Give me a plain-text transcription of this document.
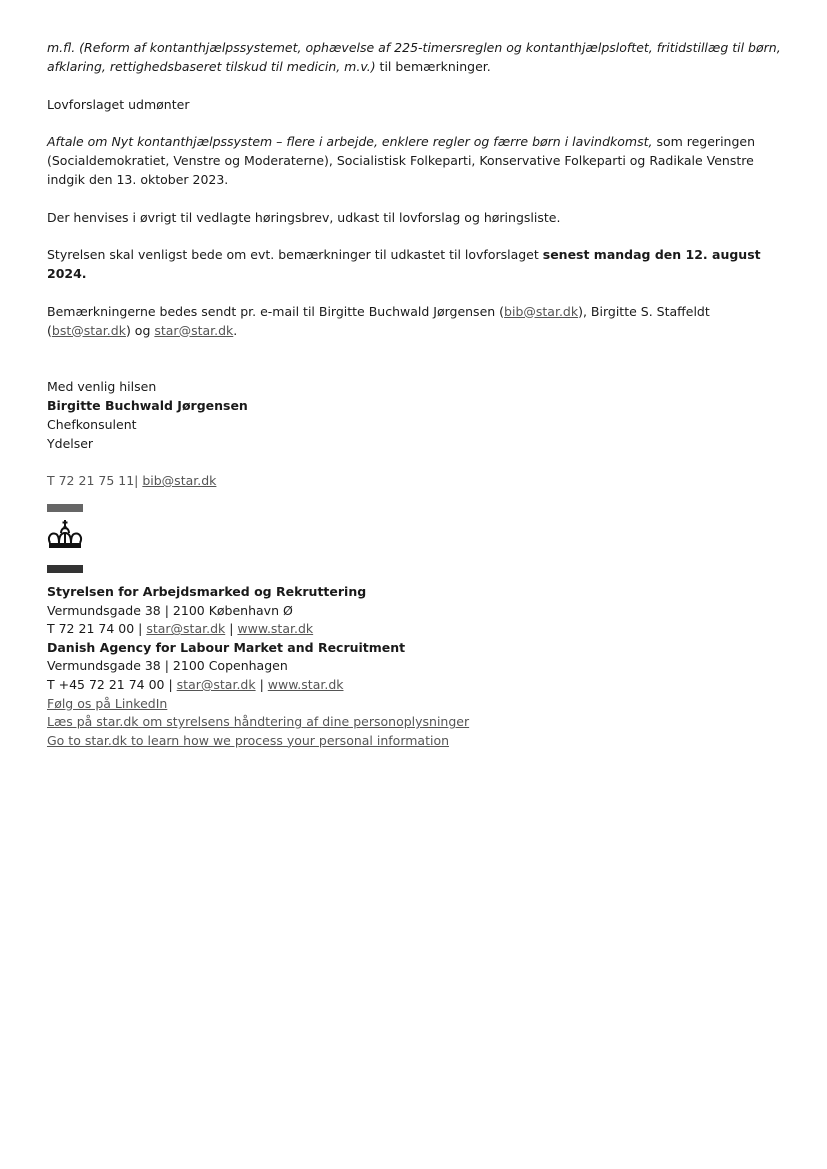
m.fl. (Reform af kontanthjælpssystemet, ophævelse af 225-timersreglen og kontanthjælpsloftet, fritidstillæg til børn, afklaring, rettighedsbaseret tilskud til medicin, m.v.) til bemærkninger.

Lovforslaget udmønter

Aftale om Nyt kontanthjælpssystem – flere i arbejde, enklere regler og færre børn i lavindkomst, som regeringen (Socialdemokratiet, Venstre og Moderaterne), Socialistisk Folkeparti, Konservative Folkeparti og Radikale Venstre indgik den 13. oktober 2023.

Der henvises i øvrigt til vedlagte høringsbrev, udkast til lovforslag og høringsliste.

Styrelsen skal venligst bede om evt. bemærkninger til udkastet til lovforslaget senest mandag den 12. august 2024.

Bemærkningerne bedes sendt pr. e-mail til Birgitte Buchwald Jørgensen (bib@star.dk), Birgitte S. Staffeldt (bst@star.dk) og star@star.dk.

Med venlig hilsen

Birgitte Buchwald Jørgensen

Chefkonsulent

Ydelser

T 72 21 75 11| bib@star.dk

Styrelsen for Arbejdsmarked og Rekruttering

Vermundsgade 38 | 2100 København Ø

T 72 21 74 00 | star@star.dk | www.star.dk

Danish Agency for Labour Market and Recruitment

Vermundsgade 38 | 2100 Copenhagen

T +45 72 21 74 00 | star@star.dk | www.star.dk

Følg os på LinkedIn

Læs på star.dk om styrelsens håndtering af dine personoplysninger

Go to star.dk to learn how we process your personal information
